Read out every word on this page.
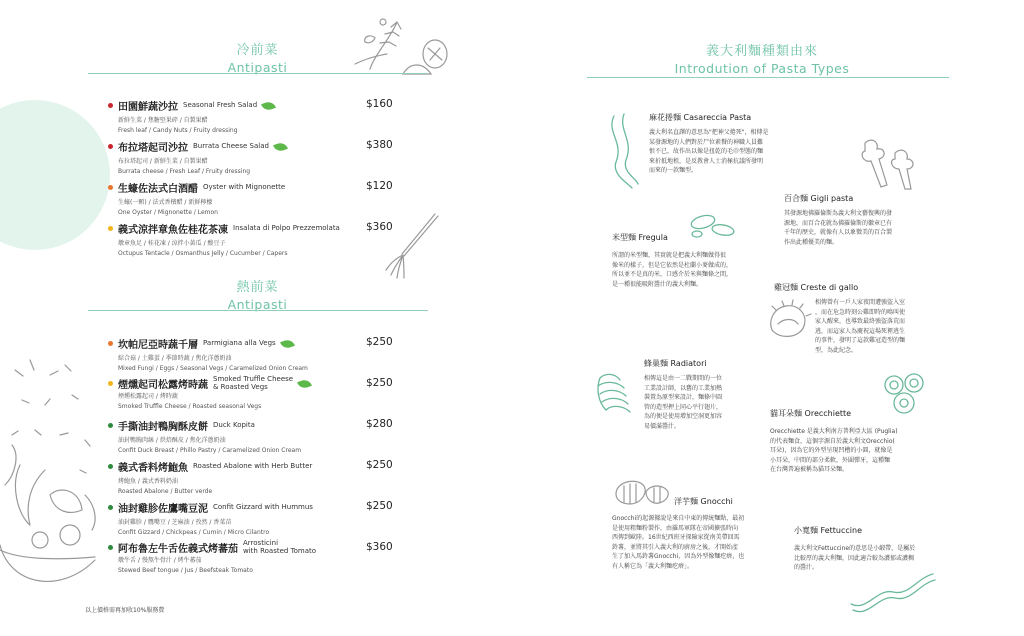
冷前菜
Antipasti
田園鮮蔬沙拉 Seasonal Fresh Salad
新鮮生菜 / 焦糖堅果碎 / 自製果醋
Fresh leaf / Candy Nuts / Fruity dressing
$160
布拉塔起司沙拉 Burrata Cheese Salad
布拉塔起司 / 新鮮生菜 / 自製果醋
Burrata cheese / Fresh Leaf / Fruity dressing
$380
生蠔佐法式白酒醋 Oyster with Mignonette
生蠔(一顆) / 法式香檳醋 / 新鮮檸檬
One Oyster / Mignonette / Lemon
$120
義式涼拌章魚佐桂花茶凍 Insalata di Polpo Prezzemolata
燉章魚足 / 桂花凍 / 涼拌小黃瓜 / 酸豆子
Octupus Tentacle / Osmanthus Jelly / Cucumber / Capers
$360
熱前菜
Antipasti
坎帕尼亞時蔬千層 Parmigiana alla Vegs
綜合菇 / 土雞蛋 / 季節時蔬 / 焦化洋蔥奶油
Mixed Fungi / Eggs / Seasonal Vegs / Caramelized Onion Cream
$250
煙燻起司松露烤時蔬
Smoked Truffle Cheese
& Roasted Vegs
煙燻松露起司 / 烤時蔬
Smoked Truffle Cheese / Roasted seasonal Vegs
$250
手撕油封鴨胸酥皮餅 Duck Kopita
油封鴨胸肉絲 / 烘焙酥皮 / 焦化洋蔥奶油
Confit Duck Breast / Phillo Pastry / Caramelized Onion Cream
$280
義式香料烤鮑魚 Roasted Abalone with Herb Butter
烤鮑魚 / 義式香料奶油
Roasted Abalone / Butter verde
$250
油封雞胗佐鷹嘴豆泥 Confit Gizzard with Hummus
油封雞胗 / 鷹嘴豆 / 芝麻油 / 孜然 / 香菜苗
Confit Gizzard / Chickpeas / Cumin / Micro Cilantro
$250
阿布魯左牛舌佐義式烤蕃茄
Arrosticini
with Roasted Tomato
燉牛舌 / 慢熬牛骨汁 / 烤牛蕃茄
Stewed Beef tongue / Jus / Beefsteak Tomato
$360
以上價格需再加收10%服務費
義大利麵種類由來
Introdution of Pasta Types
麻花捲麵 Casareccia Pasta
義大利名直譯的意思為"把神父捲死"，相傳是
某發源地的人們對於尸位素餐的神職人員難
恨不已，故作出以像是扭乾的毛巾型態的麵
來折抵地租，是反教會人士消極抗議所發明
而來的一款麵型。
百合麵 Gigli pasta
其發源地佛羅倫斯為義大利文藝復興的發
源地，而百合花就為佛羅倫斯的徽章已有
千年的歷史，就像有人以象徵美的百合製
作出此種優美的麵。
米型麵 Fregula
所謂的米型麵，其實就是把義大利麵做得很
像米的樣子，但是它依然是杜蘭小麥做成的，
所以並不是真的米，口感介於米與麵條之間，
是一種很能吸附醬汁的義大利麵。	雞冠麵 Creste di gallo
相傳曾有一戶人家夜間遭強盜入室
，而在危急時刻公雞即時的鳴叫使
家人醒來，也導致最終強盜落荒而
逃，而這家人為慶祝這場死裡逃生
的事件，發明了這款雞冠造型的麵
型，為此紀念。
蜂巢麵 Radiatori
相傳這是由一二戰期間的一位
工業設計師，以舊的工業加熱
裝置為原型來設計，麵條中圓
管的造型押上同心平行翅片，
為的便是使用增加空洞更加容
易價滿醬汁。
貓耳朵麵 Orecchiette
Orecchiette 是義大利南方普利亞大區 (Puglia)
的代表麵食，這個字源自於義大利文Orecchio(
耳朵)，因為它的外型呈現凹槽的小圓，就像是
小耳朵，中間的部分柔軟，外圍彈牙，這種麵
在台灣普遍被稱為貓耳朵麵。
洋芋麵 Gnocchi
Gnocchi的起源據說是來自中東的傳統麵點，最初
是使用粗麵粉製作，由羅馬軍隊在帝國擴張時向
西傳到歐陸。16世紀西班牙探險家從南美帶回馬
鈴薯，並將其引入義大利的廚房之後，才開始產
生了加入馬鈴薯Gnocchi，因為外型像麵疙瘩，也
有人稱它為「義大利麵疙瘩」。
小寬麵 Fettuccine
義大利文Fettuccine的意思是小緞帶，是屬於
比較厚的義大利麵，因此適合較為濃郁或濃稠
的醬汁。
